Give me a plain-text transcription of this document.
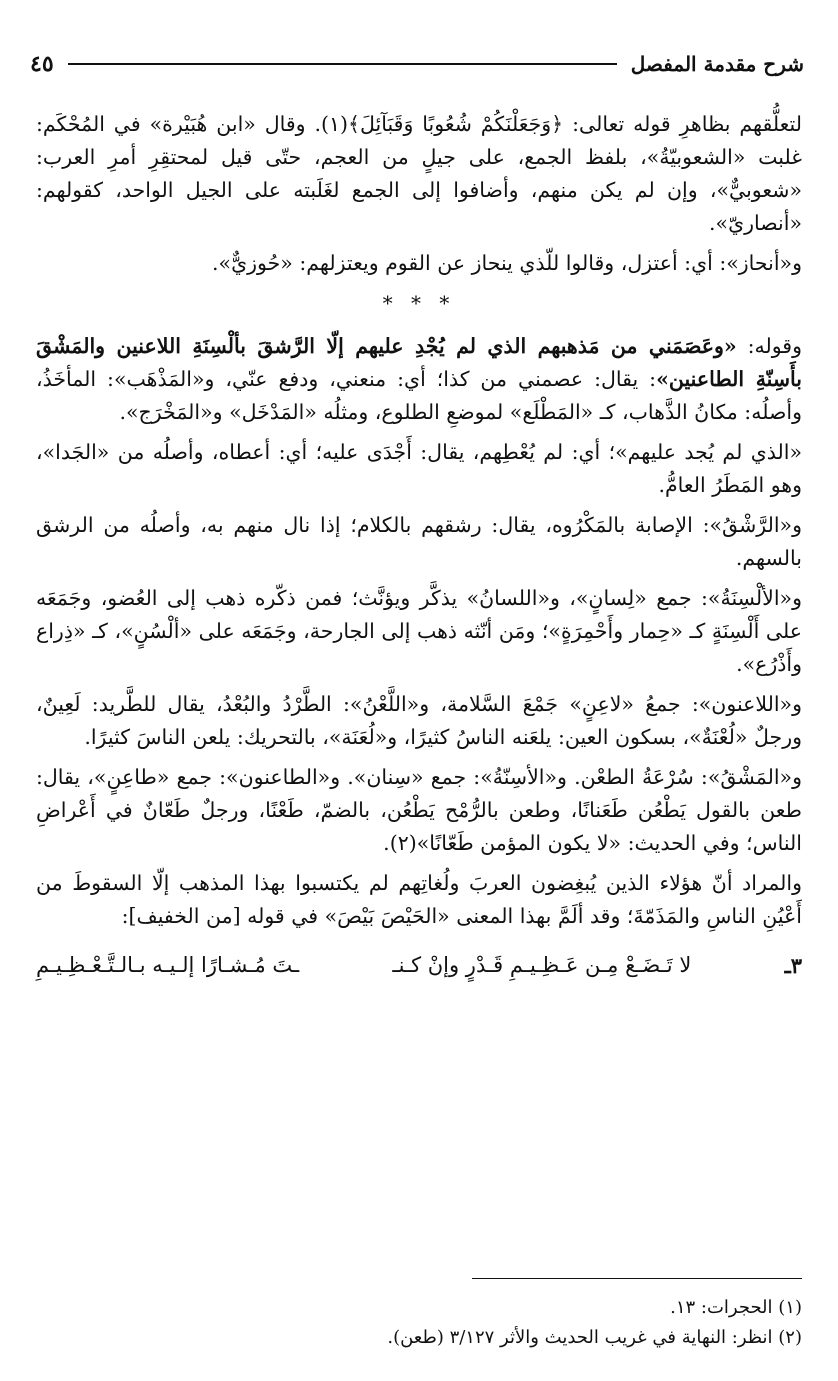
شرح مقدمة المفصل
٤٥

لتعلُّقهم بظاهرِ قوله تعالى: ﴿وَجَعَلْنَكُمْ شُعُوبًا وَقَبَآئِلَ﴾(١). وقال «ابن هُبَيْرة» في المُحْكَم: غلبت «الشعوبيّةُ»، بلفظ الجمع، على جيلٍ من العجم، حتّى قيل لمحتقِرِ أمرِ العرب: «شعوبيٌّ»، وإن لم يكن منهم، وأضافوا إلى الجمع لغَلَبته على الجيل الواحد، كقولهم: «أنصاريّ».

و«أنحاز»: أي: أعتزل، وقالوا للّذي ينحاز عن القوم ويعتزلهم: «حُوزيٌّ».

* * *

وقوله: «وعَصَمَني من مَذهبهم الذي لم يُجْدِ عليهم إلّا الرَّشقَ بألْسِنَةِ اللاعنين والمَشْقَ بأَسِنّةِ الطاعنين»: يقال: عصمني من كذا؛ أي: منعني، ودفع عنّي، و«المَذْهَب»: المأخَذُ، وأصلُه: مكانُ الذَّهاب، كـ «المَطْلَع» لموضعِ الطلوع، ومثلُه «المَدْخَل» و«المَخْرَج».

«الذي لم يُجد عليهم»؛ أي: لم يُعْطِهم، يقال: أَجْدَى عليه؛ أي: أعطاه، وأصلُه من «الجَدا»، وهو المَطَرُ العامُّ.

و«الرَّشْقُ»: الإصابة بالمَكْرُوه، يقال: رشقهم بالكلام؛ إذا نال منهم به، وأصلُه من الرشق بالسهم.

و«الألْسِنَةُ»: جمع «لِسانٍ»، و«اللسانُ» يذكَّر ويؤنَّث؛ فمن ذكّره ذهب إلى العُضو، وجَمَعَه على أَلْسِنَةٍ كـ «حِمار وأَحْمِرَةٍ»؛ ومَن أنّثه ذهب إلى الجارحة، وجَمَعَه على «ألْسُنٍ»، كـ «ذِراع وأَذْرُع».

و«اللاعنون»: جمعُ «لاعِنٍ» جَمْعَ السَّلامة، و«اللَّعْنُ»: الطَّرْدُ والبُعْدُ، يقال للطَّريد: لَعِينٌ، ورجلٌ «لُعْنَةٌ»، بسكون العين: يلعَنه الناسُ كثيرًا، و«لُعَنَة»، بالتحريك: يلعن الناسَ كثيرًا.

و«المَشْقُ»: سُرْعَةُ الطعْن. و«الأسِنّةُ»: جمع «سِنان». و«الطاعنون»: جمع «طاعِنٍ»، يقال: طعن بالقول يَطْعُن طَعَنانًا، وطعن بالرُّمْح يَطْعُن، بالضمّ، طَعْنًا، ورجلٌ طَعّانٌ في أَعْراضِ الناس؛ وفي الحديث: «لا يكون المؤمن طَعّانًا»(٢).

والمراد أنّ هؤلاء الذين يُبغِضون العربَ ولُغاتِهم لم يكتسبوا بهذا المذهب إلّا السقوطَ من أَعْيُنِ الناسِ والمَذَمّةَ؛ وقد ألَمَّ بهذا المعنى «الحَيْصَ بَيْصَ» في قوله [من الخفيف]:

٣ـ
لا تَـضَـعْ مِـن عَـظِـيـمِ قَـدْرٍ وإنْ كـنـ
ـتَ مُـشـارًا إلـيـه بـالـتَّـعْـظِـيـمِ

(١) الحجرات: ١٣.

(٢) انظر: النهاية في غريب الحديث والأثر ٣/١٢٧ (طعن).
